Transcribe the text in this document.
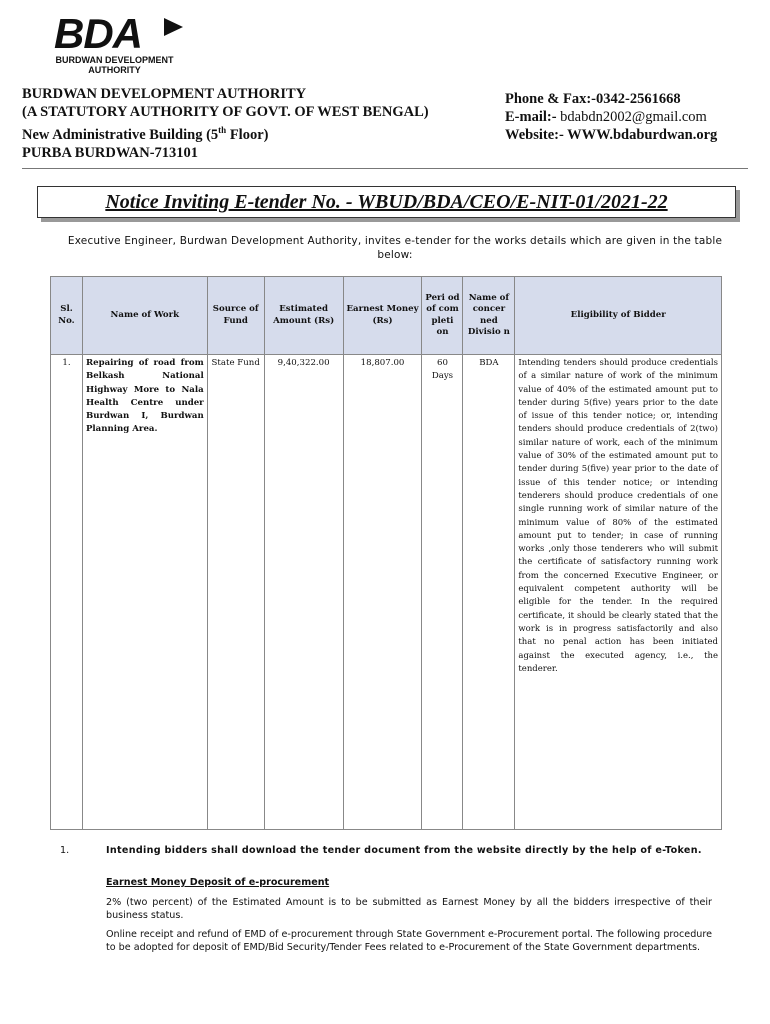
BDA
BURDWAN DEVELOPMENT
AUTHORITY
BURDWAN DEVELOPMENT AUTHORITY
(A STATUTORY AUTHORITY OF GOVT. OF WEST BENGAL)
New Administrative Building (5th Floor)
PURBA BURDWAN-713101
Phone & Fax:-0342-2561668
E-mail:- bdabdn2002@gmail.com
Website:- WWW.bdaburdwan.org
Notice Inviting E-tender No. - WBUD/BDA/CEO/E-NIT-01/2021-22
Executive Engineer, Burdwan Development Authority, invites e-tender for the works details which are given in the table below:
Sl. No.	Name of Work	Source of Fund	Estimated Amount (Rs)	Earnest Money (Rs)	Peri od of com pleti on	Name of concer ned Divisio n	Eligibility of Bidder
1.	Repairing of road from Belkash National Highway More to Nala Health Centre under Burdwan I, Burdwan Planning Area.	State Fund	9,40,322.00	18,807.00	60 Days	BDA	Intending tenders should produce credentials of a similar nature of work of the minimum value of 40% of the estimated amount put to tender during 5(five) years prior to the date of issue of this tender notice; or, intending tenders should produce credentials of 2(two) similar nature of work, each of the minimum value of 30% of the estimated amount put to tender during 5(five) year prior to the date of issue of this tender notice; or intending tenderers should produce credentials of one single running work of similar nature of the minimum value of 80% of the estimated amount put to tender; in case of running works ,only those tenderers who will submit the certificate of satisfactory running work from the concerned Executive Engineer, or equivalent competent authority will be eligible for the tender. In the required certificate, it should be clearly stated that the work is in progress satisfactorily and also that no penal action has been initiated against the executed agency, i.e., the tenderer.
1.	Intending bidders shall download the tender document from the website directly by the help of e-Token.
Earnest Money Deposit of e-procurement
2% (two percent) of the Estimated Amount is to be submitted as Earnest Money by all the bidders irrespective of their business status.
Online receipt and refund of EMD of e-procurement through State Government e-Procurement portal. The following procedure to be adopted for deposit of EMD/Bid Security/Tender Fees related to e-Procurement of the State Government departments.
